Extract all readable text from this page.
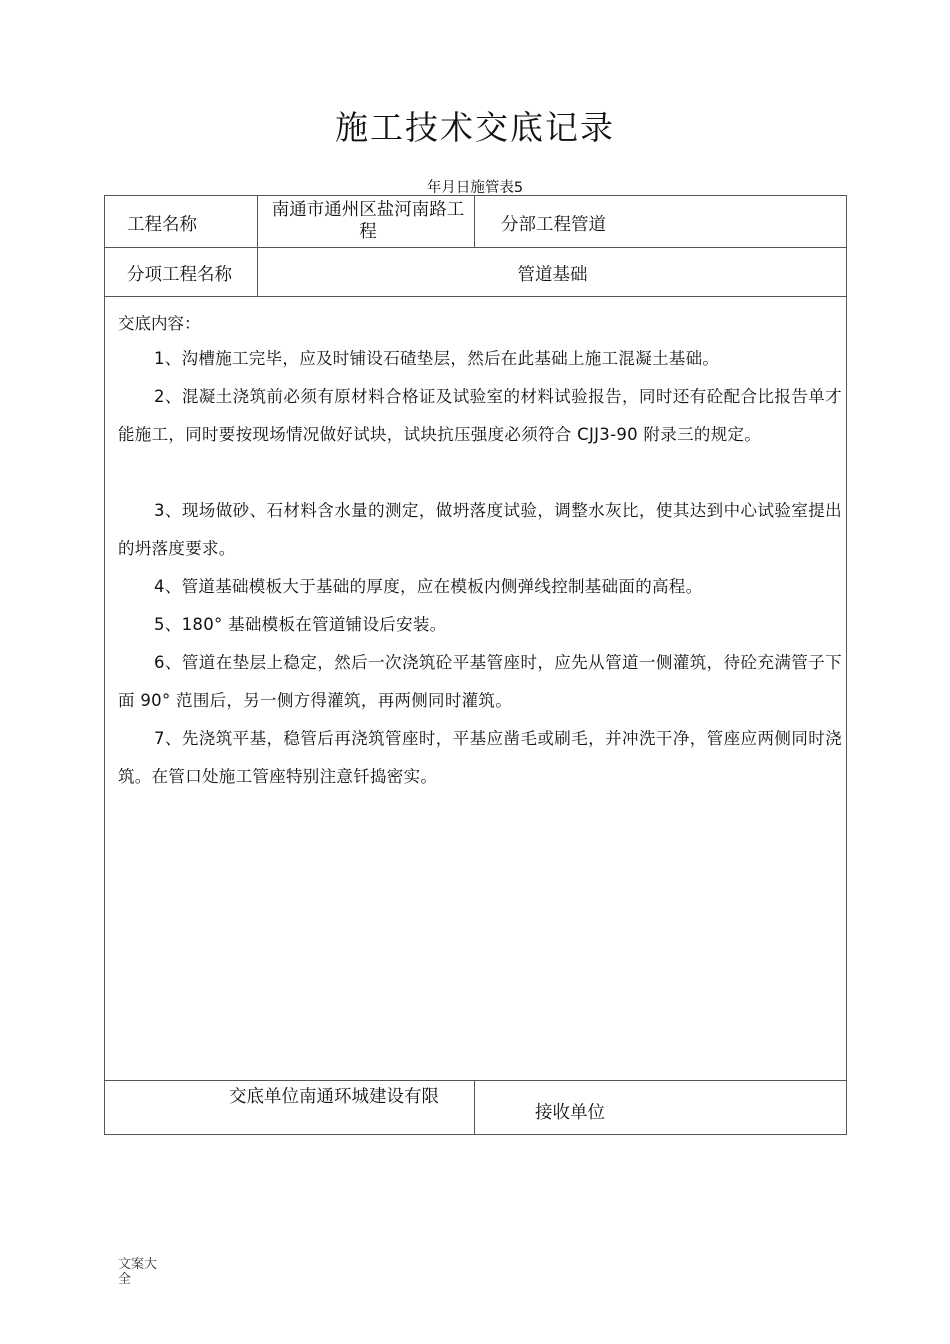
施工技术交底记录
年月日施管表5
工程名称
南通市通州区盐河南路工程	分部工程管道
分项工程名称	管道基础
交底内容：
1、沟槽施工完毕，应及时铺设石碴垫层，然后在此基础上施工混凝土基础。
2、混凝土浇筑前必须有原材料合格证及试验室的材料试验报告，同时还有砼配合比报告单才能施工，同时要按现场情况做好试块，试块抗压强度必须符合 CJJ3-90 附录三的规定。
3、现场做砂、石材料含水量的测定，做坍落度试验，调整水灰比，使其达到中心试验室提出的坍落度要求。
4、管道基础模板大于基础的厚度，应在模板内侧弹线控制基础面的高程。
5、180° 基础模板在管道铺设后安装。
6、管道在垫层上稳定，然后一次浇筑砼平基管座时，应先从管道一侧灌筑，待砼充满管子下面 90° 范围后，另一侧方得灌筑，再两侧同时灌筑。
7、先浇筑平基，稳管后再浇筑管座时，平基应凿毛或刷毛，并冲洗干净，管座应两侧同时浇筑。在管口处施工管座特别注意钎捣密实。
交底单位南通环城建设有限
接收单位
文案大全
